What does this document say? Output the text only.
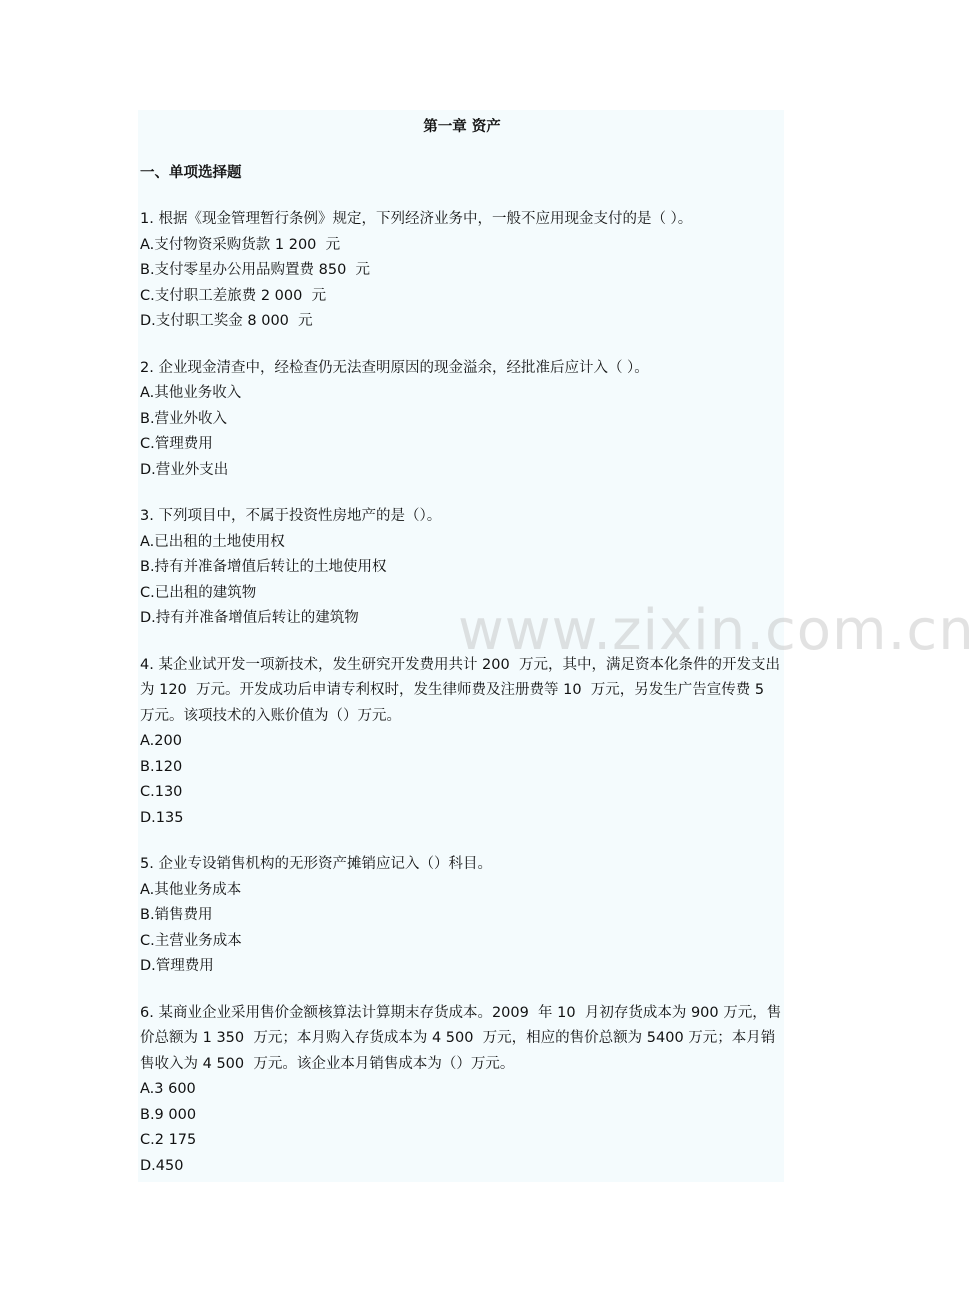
第一章 资产
一、单项选择题
1. 根据《现金管理暂行条例》规定，下列经济业务中，一般不应用现金支付的是（ ）。
A.支付物资采购货款 1 200  元
B.支付零星办公用品购置费 850  元
C.支付职工差旅费 2 000  元
D.支付职工奖金 8 000  元
2. 企业现金清查中，经检查仍无法查明原因的现金溢余，经批准后应计入（ ）。
A.其他业务收入
B.营业外收入
C.管理费用
D.营业外支出
3. 下列项目中，不属于投资性房地产的是（）。
A.已出租的土地使用权
B.持有并准备增值后转让的土地使用权
C.已出租的建筑物
D.持有并准备增值后转让的建筑物
4. 某企业试开发一项新技术，发生研究开发费用共计 200  万元，其中，满足资本化条件的开发支出为 120  万元。开发成功后申请专利权时，发生律师费及注册费等 10  万元，另发生广告宣传费 5  万元。该项技术的入账价值为（）万元。
A.200
B.120
C.130
D.135
5. 企业专设销售机构的无形资产摊销应记入（）科目。
A.其他业务成本
B.销售费用
C.主营业务成本
D.管理费用
6. 某商业企业采用售价金额核算法计算期末存货成本。2009  年 10  月初存货成本为 900 万元，售价总额为 1 350  万元；本月购入存货成本为 4 500  万元，相应的售价总额为 5400 万元；本月销售收入为 4 500  万元。该企业本月销售成本为（）万元。
A.3 600
B.9 000
C.2 175
D.450
www.zixin.com.cn
